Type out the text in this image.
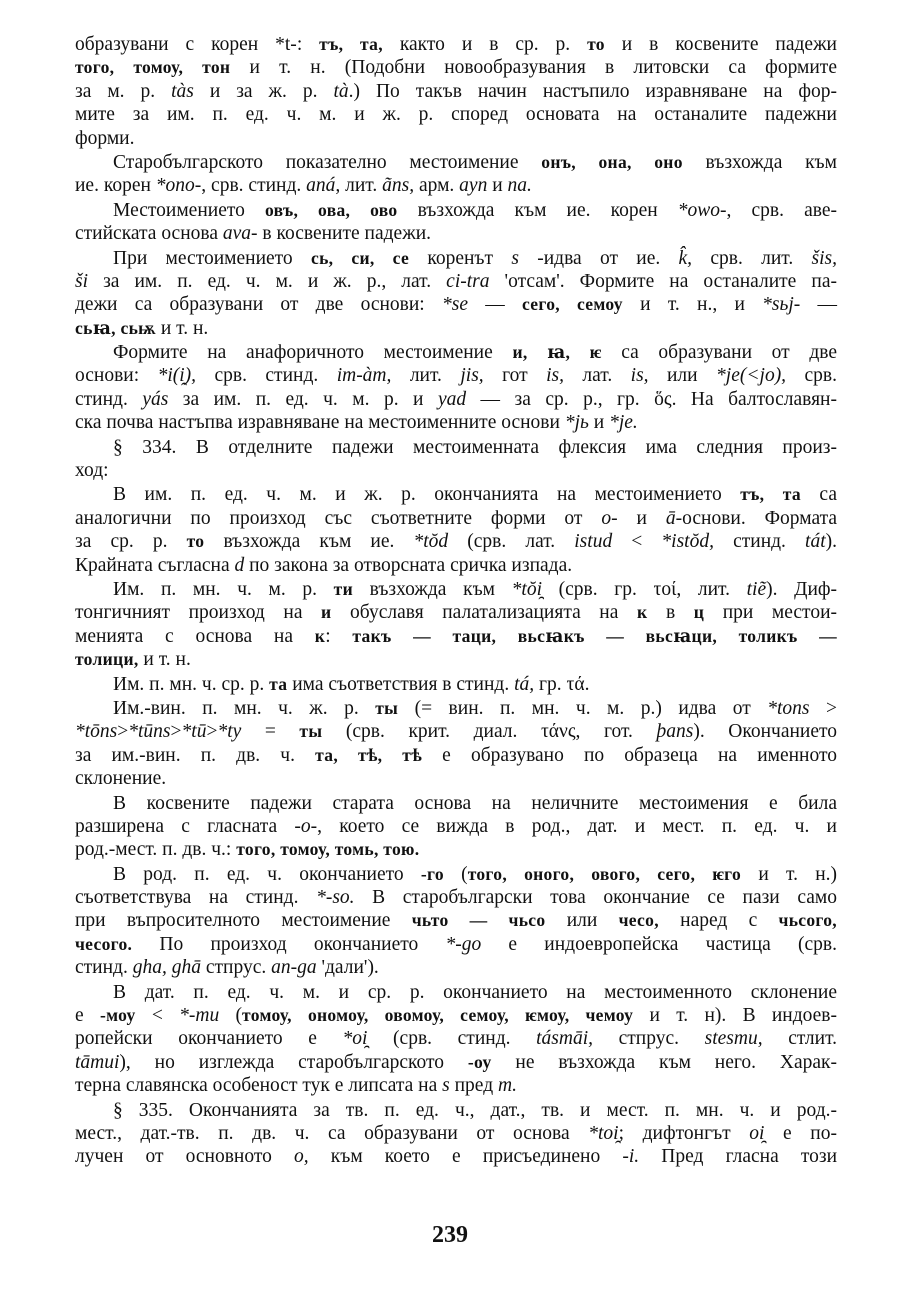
образувани с корен *t-: тъ, та, както и в ср. р. то и в косвените падежи
того, томоу, тон и т. н. (Подобни новообразувания в литовски са формите
за м. р. tàs и за ж. р. tà.) По такъв начин настъпило изравняване на фор-
мите за им. п. ед. ч. м. и ж. р. според основата на останалите падежни
форми.
Старобългарското показателно местоимение онъ, она, оно възхожда към
ие. корен *ono-, срв. стинд. aná, лит. ãns, арм. ayn и na.
Местоимението овъ, ова, ово възхожда към ие. корен *owo-, срв. аве-
стийската основа ava- в косвените падежи.
При местоимението сь, си, се коренът s -идва от ие. k̂, срв. лит. šis,
ši за им. п. ед. ч. м. и ж. р., лат. ci-tra 'отсам'. Формите на останалите па-
дежи са образувани от две основи: *se — сего, семоу и т. н., и *sьj- —
сьꙗ, сьѭ и т. н.
Формите на анафоричното местоимение и, ꙗ, ѥ са образувани от две
основи: *i(i̯), срв. стинд. im-àm, лит. jis, гот is, лат. is, или *je(<jo), срв.
стинд. yás за им. п. ед. ч. м. р. и yad — за ср. р., гр. ὅς. На балтославян-
ска почва настъпва изравняване на местоименните основи *jь и *je.
§ 334. В отделните падежи местоименната флексия има следния произ-
ход:
В им. п. ед. ч. м. и ж. р. окончанията на местоимението тъ, та са
аналогични по произход със съответните форми от o- и ā-основи. Формата
за ср. р. то възхожда към ие. *tŏd (срв. лат. istud < *istŏd, стинд. tát).
Крайната съгласна d по закона за отворсната сричка изпада.
Им. п. мн. ч. м. р. ти възхожда към *tŏi̯ (срв. гр. τοί, лит. tiẽ). Диф-
тонгичният произход на и обуславя палатализацията на к в ц при местои-
менията с основа на к: такъ — таци, вьсꙗкъ — вьсꙗци, толикъ —
толици, и т. н.
Им. п. мн. ч. ср. р. та има съответствия в стинд. tá, гр. τά.
Им.-вин. п. мн. ч. ж. р. ты (= вин. п. мн. ч. м. р.) идва от *tons >
*tōns>*tūns>*tū>*ty = ты (срв. крит. диал. τάνς, гот. þans). Окончанието
за им.-вин. п. дв. ч. та, тѣ, тѣ е образувано по образеца на именното
склонение.
В косвените падежи старата основа на неличните местоимения е била
разширена с гласната -o-, което се вижда в род., дат. и мест. п. ед. ч. и
род.-мест. п. дв. ч.: того, томоу, томь, тою.
В род. п. ед. ч. окончанието -го (того, оного, ового, сего, ѥго и т. н.)
съответствува на стинд. *-so. В старобългарски това окончание се пази само
при въпросителното местоимение чьто — чьсо или чесо, наред с чьсого,
чесого. По произход окончанието *-go е индоевропейска частица (срв.
стинд. gha, ghā стпрус. an-ga 'дали').
В дат. п. ед. ч. м. и ср. р. окончанието на местоименното склонение
е -моу < *-mu (томоу, ономоу, овомоу, семоу, ѥмоу, чемоу и т. н). В индоев-
ропейски окончанието е *oi̯ (срв. стинд. tásmāi, стпрус. stesmu, стлит.
tāmui), но изглежда старобългарското -оу не възхожда към него. Харак-
терна славянска особеност тук е липсата на s пред m.
§ 335. Окончанията за тв. п. ед. ч., дат., тв. и мест. п. мн. ч. и род.-
мест., дат.-тв. п. дв. ч. са образувани от основа *toi̯; дифтонгът oi̯ е по-
лучен от основното o, към което е присъединено -i. Пред гласна този
239
